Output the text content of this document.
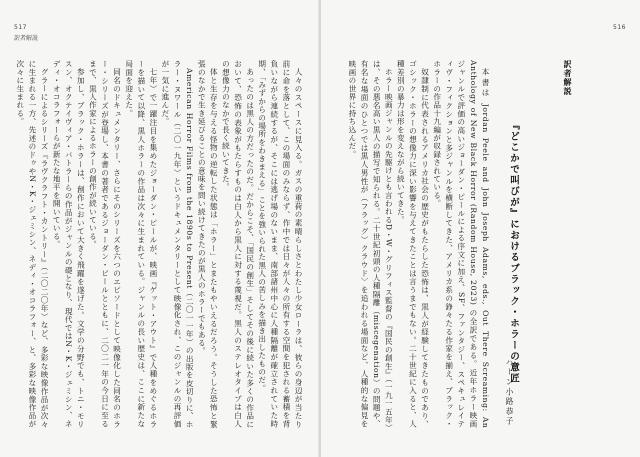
517
訳者解説

人々のスペースに見入る。ガスの重荷の素晴らしさとわたし少女ローラは、彼らの身辺が当たり前に命を落として、この場面のみならず、作中では日々が人々の所有する空間を犯される蓄積を背負いながら連続するが、そこには逃げ場のないまま、南部諸州中心に人種隔離が確立されていた時期、「みずからの場所をわきまえる」ことを強いられた黒人の苦しみを描き出したものだ。

あったのは黒人の方だったのだ。だからこそ、「国民の創生」そしてその後に続いた多くの作品において、恐怖の表象がもたらすものは白人から黒人に対する蔑視だ。黒人のステレオタイプは白人の想像力のなかで長く続いてきた。

体と生存を与える怪物の逆転した状態は「ホラー」とまたもやいえるだろう。そうした恐怖と緊張のなかで生き延びることの意味を問い続けてきたのが黒人のホラーでもある。

American Horror Films from the 1890s to Present（二〇一一年）の出版を皮切りに、ホラー・ヌワール（二〇一九年）というドキュメンタリーとして映像化され、このジャンルの再評価が一気に進んだ。

七年）で一躍注目を集めたジョーダン・ピールが、映画『ゲット・アウト』で人種をめぐるホラーを描いて以降、黒人ホラーの作品は次々に生まれている。ジャンルの長い歴史は、ここに新たな局面を迎えた。

同名のドキュメンタリー、さらにそのシリーズを六つのエピソードとして映像化した同名のホラー・シリーズが登場し、本書の著者であるジョーダン・ピールとともに、二〇二一年の今日に至るまで、黒人作家によるホラーの創作が続いている。

参加し、ブラック・ホラーは、創作において大きく飛躍を遂げた。文学の分野でも、トニ・モリスン、オクテイヴィア・バトラーらの作品がジャンルの礎となり、現代ではN・K・ジェミシン、ネディ・オコラフォーらが新たな地平を開いている。

グラーによるシリーズ『ラヴクラフト・カントリー』（二〇二〇年）など、多彩な映像作品が次々に生まれる一方、先述のドゥやN・K・ジェミシン、ネディ・オコラフォー、と、多彩な映像作品が次々に生まれる。

516
訳者解説
『どこかで叫びが』におけるブラック・ホラーの意匠
ハーン小路恭子

本書は Jordan Peele and John Joseph Adams, eds., Out There Screaming: An Anthology of New Black Horror (Random House, 2023) の全訳である。近年ホラー映画ジャンルで評価の高いジョーダン・ピールによる序文に加え、SF、ファンタジー、スペキュレイティヴ・フィクションと多ジャンルを横断してきた、アメリカ系の錚々たる作家を揃え、ブラック・ホラーの作品十九編が収録されている。

奴隷制に代表されるアメリカ社会の歴史がもたらした恐怖は、黒人が経験してきたものであり、ゴシック・ホラーの想像力に深い影響を与えてきたことは言うまでもない。二十世紀に入ると、人種差別の暴力は形を変えながら続いてきた。

ホラー映画ジャンルの先駆けとも言われるD・W・グリフィス監督の『国民の創生』（一九一五年）は、その悪名高い黒人の描写で知られる。二十世紀初頭の人種隔離（miscegenation）の問題や、有名な場面のひとつでは黒人男性が（フラッグ）クラウド〉を追われる場面など、人種的な偏見を映画の世界に持ち込んだ。
